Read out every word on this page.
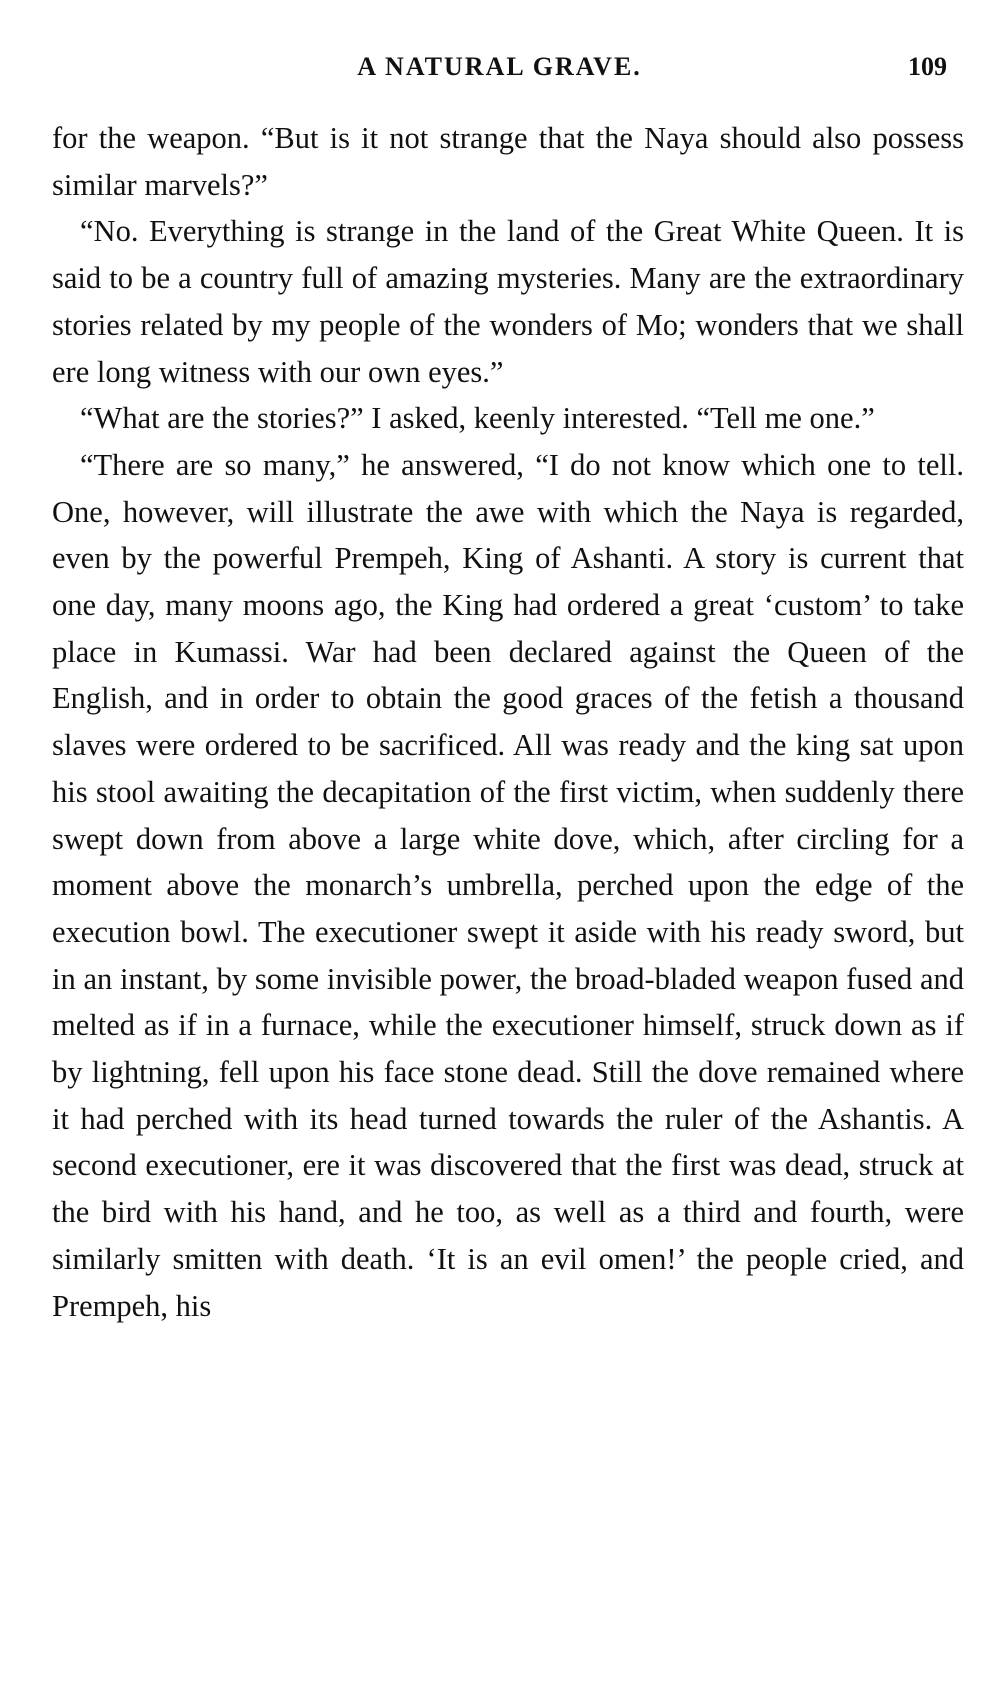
A NATURAL GRAVE.	109

for the weapon. “But is it not strange that the Naya should also possess similar marvels?”

“No. Everything is strange in the land of the Great White Queen. It is said to be a country full of amazing mysteries. Many are the extraordinary stories related by my people of the wonders of Mo; wonders that we shall ere long witness with our own eyes.”

“What are the stories?” I asked, keenly interested. “Tell me one.”

“There are so many,” he answered, “I do not know which one to tell. One, however, will illustrate the awe with which the Naya is regarded, even by the powerful Prempeh, King of Ashanti. A story is current that one day, many moons ago, the King had ordered a great ‘custom’ to take place in Kumassi. War had been declared against the Queen of the English, and in order to obtain the good graces of the fetish a thousand slaves were ordered to be sacrificed. All was ready and the king sat upon his stool awaiting the decapitation of the first victim, when suddenly there swept down from above a large white dove, which, after circling for a moment above the monarch’s umbrella, perched upon the edge of the execution bowl. The executioner swept it aside with his ready sword, but in an instant, by some invisible power, the broad-bladed weapon fused and melted as if in a furnace, while the executioner himself, struck down as if by lightning, fell upon his face stone dead. Still the dove remained where it had perched with its head turned towards the ruler of the Ashantis. A second executioner, ere it was discovered that the first was dead, struck at the bird with his hand, and he too, as well as a third and fourth, were similarly smitten with death. ‘It is an evil omen!’ the people cried, and Prempeh, his
